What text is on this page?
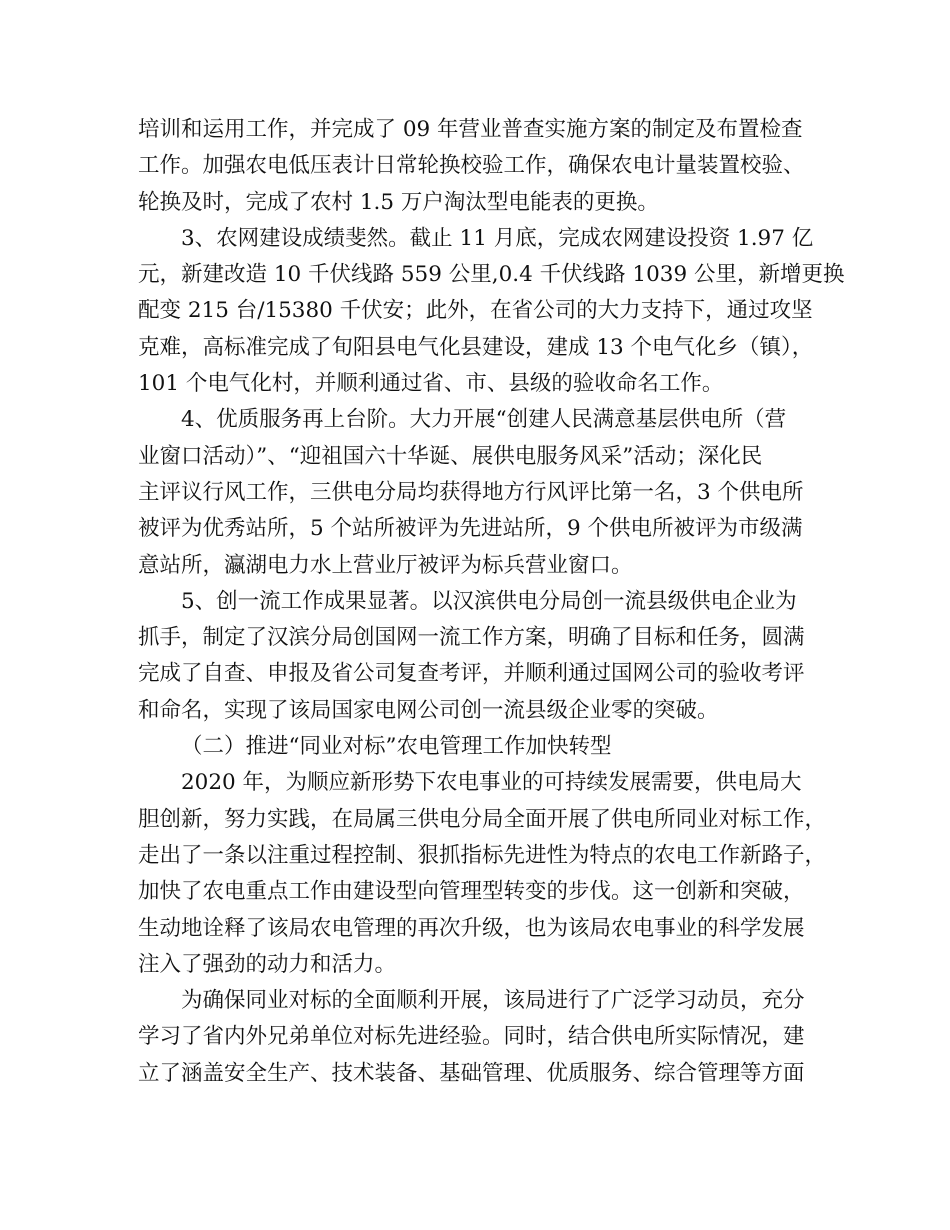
培训和运用工作，并完成了 09 年营业普查实施方案的制定及布置检查
工作。加强农电低压表计日常轮换校验工作，确保农电计量装置校验、
轮换及时，完成了农村 1.5 万户淘汰型电能表的更换。
3、农网建设成绩斐然。截止 11 月底，完成农网建设投资 1.97 亿
元，新建改造 10 千伏线路 559 公里,0.4 千伏线路 1039 公里，新增更换
配变 215 台/15380 千伏安；此外，在省公司的大力支持下，通过攻坚
克难，高标准完成了旬阳县电气化县建设，建成 13 个电气化乡（镇），
101 个电气化村，并顺利通过省、市、县级的验收命名工作。
4、优质服务再上台阶。大力开展“创建人民满意基层供电所（营
业窗口活动）”、“迎祖国六十华诞、展供电服务风采”活动；深化民
主评议行风工作，三供电分局均获得地方行风评比第一名，3 个供电所
被评为优秀站所，5 个站所被评为先进站所，9 个供电所被评为市级满
意站所，瀛湖电力水上营业厅被评为标兵营业窗口。
5、创一流工作成果显著。以汉滨供电分局创一流县级供电企业为
抓手，制定了汉滨分局创国网一流工作方案，明确了目标和任务，圆满
完成了自查、申报及省公司复查考评，并顺利通过国网公司的验收考评
和命名，实现了该局国家电网公司创一流县级企业零的突破。
（二）推进“同业对标”农电管理工作加快转型
2020 年，为顺应新形势下农电事业的可持续发展需要，供电局大
胆创新，努力实践，在局属三供电分局全面开展了供电所同业对标工作，
走出了一条以注重过程控制、狠抓指标先进性为特点的农电工作新路子，
加快了农电重点工作由建设型向管理型转变的步伐。这一创新和突破，
生动地诠释了该局农电管理的再次升级，也为该局农电事业的科学发展
注入了强劲的动力和活力。
为确保同业对标的全面顺利开展，该局进行了广泛学习动员，充分
学习了省内外兄弟单位对标先进经验。同时，结合供电所实际情况，建
立了涵盖安全生产、技术装备、基础管理、优质服务、综合管理等方面
